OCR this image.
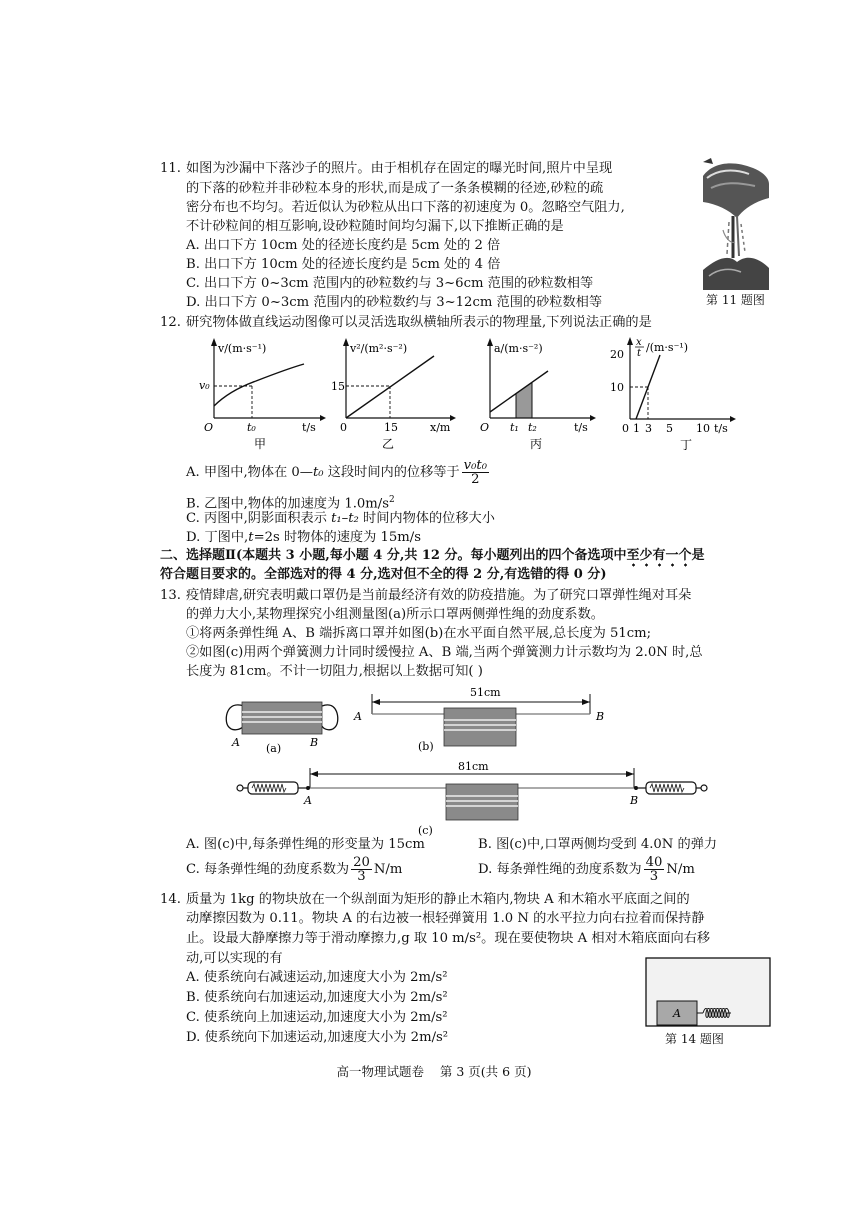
11. 如图为沙漏中下落沙子的照片。由于相机存在固定的曝光时间,照片中呈现
的下落的砂粒并非砂粒本身的形状,而是成了一条条模糊的径迹,砂粒的疏
密分布也不均匀。若近似认为砂粒从出口下落的初速度为 0。忽略空气阻力,
不计砂粒间的相互影响,设砂粒随时间均匀漏下,以下推断正确的是
A. 出口下方 10cm 处的径迹长度约是 5cm 处的 2 倍
B. 出口下方 10cm 处的径迹长度约是 5cm 处的 4 倍
C. 出口下方 0~3cm 范围内的砂粒数约与 3~6cm 范围的砂粒数相等
D. 出口下方 0~3cm 范围内的砂粒数约与 3~12cm 范围的砂粒数相等	第 11 题图
12. 研究物体做直线运动图像可以灵活选取纵横轴所表示的物理量,下列说法正确的是
v/(m·s⁻¹)
v₀
t₀
O	t/s
甲
v²/(m²·s⁻²)
15
15
0	x/m
乙
a/(m·s⁻²)
t₁ t₂
O	t/s
丙
x
t /(m·s⁻¹)
20
10
0 1 3 5 10 t/s
丁
A. 甲图中,物体在 0—t₀ 这段时间内的位移等于 $\frac{\text{v₀t₀}}{2}$
B. 乙图中,物体的加速度为 $1.0m/s^2$
C. 丙图中,阴影面积表示 t₁–t₂ 时间内物体的位移大小
D. 丁图中,t=2s 时物体的速度为 15m/s
二、选择题Ⅱ(本题共 3 小题,每小题 4 分,共 12 分。每小题列出的四个备选项中至少有一个是
符合题目要求的。全部选对的得 4 分,选对但不全的得 2 分,有选错的得 0 分)
13. 疫情肆虐,研究表明戴口罩仍是当前最经济有效的防疫措施。为了研究口罩弹性绳对耳朵
的弹力大小,某物理探究小组测量图(a)所示口罩两侧弹性绳的劲度系数。
①将两条弹性绳 A、B 端拆离口罩并如图(b)在水平面自然平展,总长度为 51cm;
②如图(c)用两个弹簧测力计同时缓慢拉 A、B 端,当两个弹簧测力计示数均为 2.0N 时,总
长度为 81cm。不计一切阻力,根据以上数据可知( )
A	B
(a)
51cm
A	B
(b)
81cm
A	B
(c)
A. 图(c)中,每条弹性绳的形变量为 15cm	B. 图(c)中,口罩两侧均受到 4.0N 的弹力
C. 每条弹性绳的劲度系数为 $\frac{20}{3} N/m$	D. 每条弹性绳的劲度系数为 $\frac{40}{3} N/m$
14. 质量为 1kg 的物块放在一个纵剖面为矩形的静止木箱内,物块 A 和木箱水平底面之间的
动摩擦因数为 0.11。物块 A 的右边被一根轻弹簧用 1.0 N 的水平拉力向右拉着而保持静
止。设最大静摩擦力等于滑动摩擦力,g 取 10 m/s²。现在要使物块 A 相对木箱底面向右移
动,可以实现的有
A. 使系统向右减速运动,加速度大小为 2m/s²
B. 使系统向右加速运动,加速度大小为 2m/s²
C. 使系统向上加速运动,加速度大小为 2m/s²
D. 使系统向下加速运动,加速度大小为 2m/s²
A
第 14 题图
高一物理试题卷    第 3 页(共 6 页)
